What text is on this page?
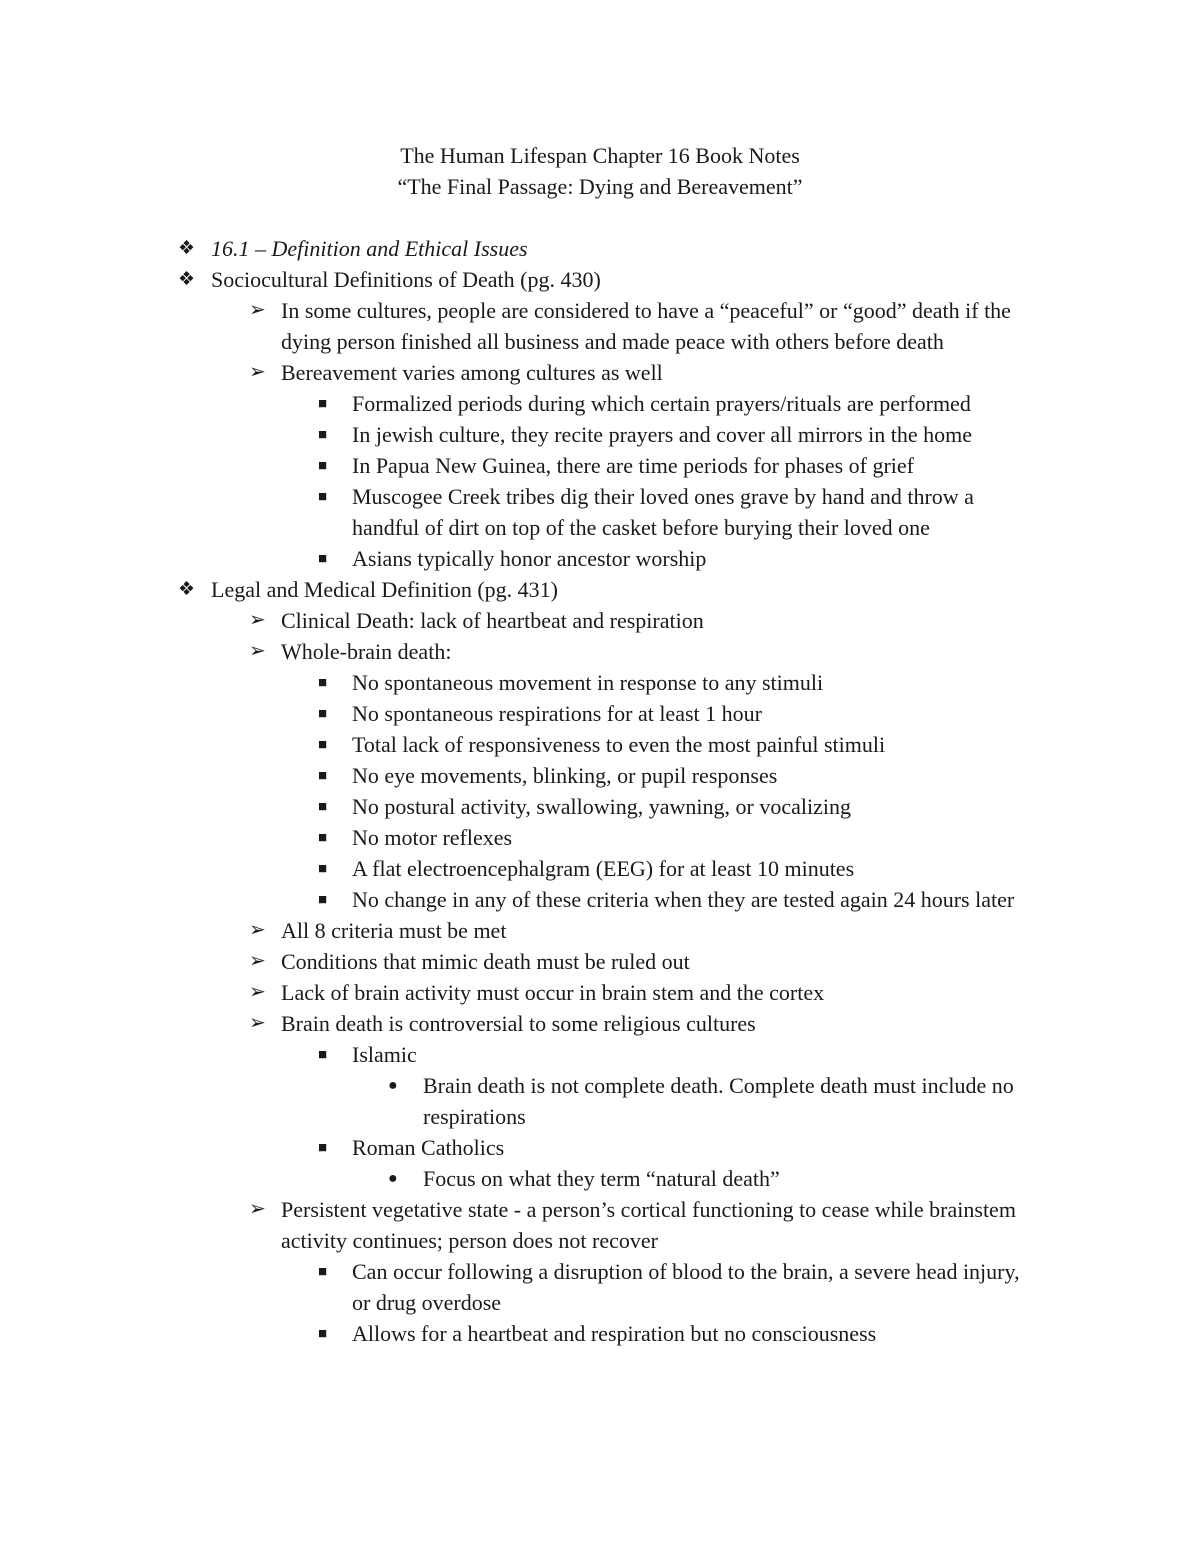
The Human Lifespan Chapter 16 Book Notes
“The Final Passage: Dying and Bereavement”
❖ 16.1 – Definition and Ethical Issues
❖ Sociocultural Definitions of Death (pg. 430)
➢ In some cultures, people are considered to have a “peaceful” or “good” death if the dying person finished all business and made peace with others before death
➢ Bereavement varies among cultures as well
■ Formalized periods during which certain prayers/rituals are performed
■ In jewish culture, they recite prayers and cover all mirrors in the home
■ In Papua New Guinea, there are time periods for phases of grief
■ Muscogee Creek tribes dig their loved ones grave by hand and throw a handful of dirt on top of the casket before burying their loved one
■ Asians typically honor ancestor worship
❖ Legal and Medical Definition (pg. 431)
➢ Clinical Death: lack of heartbeat and respiration
➢ Whole-brain death:
■ No spontaneous movement in response to any stimuli
■ No spontaneous respirations for at least 1 hour
■ Total lack of responsiveness to even the most painful stimuli
■ No eye movements, blinking, or pupil responses
■ No postural activity, swallowing, yawning, or vocalizing
■ No motor reflexes
■ A flat electroencephalgram (EEG) for at least 10 minutes
■ No change in any of these criteria when they are tested again 24 hours later
➢ All 8 criteria must be met
➢ Conditions that mimic death must be ruled out
➢ Lack of brain activity must occur in brain stem and the cortex
➢ Brain death is controversial to some religious cultures
■ Islamic
● Brain death is not complete death. Complete death must include no respirations
■ Roman Catholics
● Focus on what they term “natural death”
➢ Persistent vegetative state - a person’s cortical functioning to cease while brainstem activity continues; person does not recover
■ Can occur following a disruption of blood to the brain, a severe head injury, or drug overdose
■ Allows for a heartbeat and respiration but no consciousness
